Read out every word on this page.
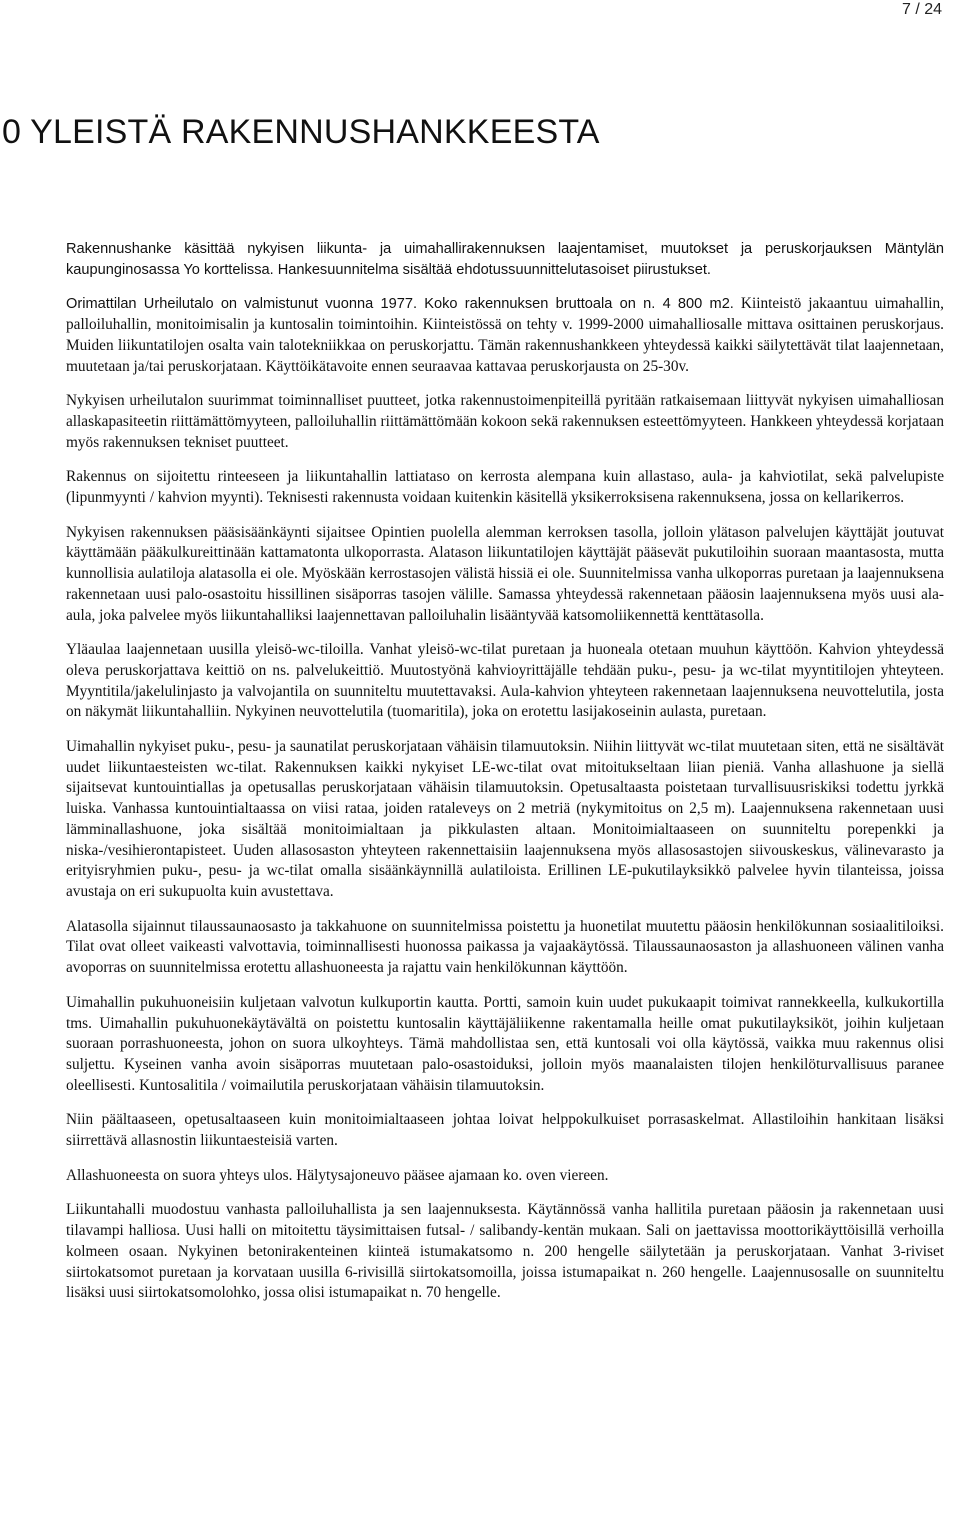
7 / 24
0 YLEISTÄ RAKENNUSHANKKEESTA

Rakennushanke käsittää nykyisen liikunta- ja uimahallirakennuksen laajentamiset, muutokset ja peruskorjauksen Mäntylän kaupunginosassa Yo korttelissa. Hankesuunnitelma sisältää ehdotussuunnittelutasoiset piirustukset.

Orimattilan Urheilutalo on valmistunut vuonna 1977. Koko rakennuksen bruttoala on n. 4 800 m2. Kiinteistö jakaantuu uimahallin, palloiluhallin, monitoimisalin ja kuntosalin toimintoihin. Kiinteistössä on tehty v. 1999-2000 uimahalliosalle mittava osittainen peruskorjaus. Muiden liikuntatilojen osalta vain talotekniikkaa on peruskorjattu. Tämän rakennushankkeen yhteydessä kaikki säilytettävät tilat laajennetaan, muutetaan ja/tai peruskorjataan. Käyttöikätavoite ennen seuraavaa kattavaa peruskorjausta on 25-30v.

Nykyisen urheilutalon suurimmat toiminnalliset puutteet, jotka rakennustoimenpiteillä pyritään ratkaisemaan liittyvät nykyisen uimahalliosan allaskapasiteetin riittämättömyyteen, palloiluhallin riittämättömään kokoon sekä rakennuksen esteettömyyteen. Hankkeen yhteydessä korjataan myös rakennuksen tekniset puutteet.

Rakennus on sijoitettu rinteeseen ja liikuntahallin lattiataso on kerrosta alempana kuin allastaso, aula- ja kahviotilat, sekä palvelupiste (lipunmyynti / kahvion myynti). Teknisesti rakennusta voidaan kuitenkin käsitellä yksikerroksisena rakennuksena, jossa on kellarikerros.

Nykyisen rakennuksen pääsisäänkäynti sijaitsee Opintien puolella alemman kerroksen tasolla, jolloin ylätason palvelujen käyttäjät joutuvat käyttämään pääkulkureittinään kattamatonta ulkoporrasta. Alatason liikuntatilojen käyttäjät pääsevät pukutiloihin suoraan maantasosta, mutta kunnollisia aulatiloja alatasolla ei ole. Myöskään kerrostasojen välistä hissiä ei ole. Suunnitelmissa vanha ulkoporras puretaan ja laajennuksena rakennetaan uusi palo-osastoitu hissillinen sisäporras tasojen välille. Samassa yhteydessä rakennetaan pääosin laajennuksena myös uusi ala-aula, joka palvelee myös liikuntahalliksi laajennettavan palloiluhalin lisääntyvää katsomoliikennettä kenttätasolla.

Yläaulaa laajennetaan uusilla yleisö-wc-tiloilla. Vanhat yleisö-wc-tilat puretaan ja huoneala otetaan muuhun käyttöön. Kahvion yhteydessä oleva peruskorjattava keittiö on ns. palvelukeittiö. Muutostyönä kahvioyrittäjälle tehdään puku-, pesu- ja wc-tilat myyntitilojen yhteyteen. Myyntitila/jakelulinjasto ja valvojantila on suunniteltu muutettavaksi. Aula-kahvion yhteyteen rakennetaan laajennuksena neuvottelutila, josta on näkymät liikuntahalliin. Nykyinen neuvottelutila (tuomaritila), joka on erotettu lasijakoseinin aulasta, puretaan.

Uimahallin nykyiset puku-, pesu- ja saunatilat peruskorjataan vähäisin tilamuutoksin. Niihin liittyvät wc-tilat muutetaan siten, että ne sisältävät uudet liikuntaesteisten wc-tilat. Rakennuksen kaikki nykyiset LE-wc-tilat ovat mitoitukseltaan liian pieniä. Vanha allashuone ja siellä sijaitsevat kuntouintiallas ja opetusallas peruskorjataan vähäisin tilamuutoksin. Opetusaltaasta poistetaan turvallisuusriskiksi todettu jyrkkä luiska. Vanhassa kuntouintialtaassa on viisi rataa, joiden rataleveys on 2 metriä (nykymitoitus on 2,5 m). Laajennuksena rakennetaan uusi lämminallashuone, joka sisältää monitoimialtaan ja pikkulasten altaan. Monitoimialtaaseen on suunniteltu porepenkki ja niska-/vesihierontapisteet. Uuden allasosaston yhteyteen rakennettaisiin laajennuksena myös allasosastojen siivouskeskus, välinevarasto ja erityisryhmien puku-, pesu- ja wc-tilat omalla sisäänkäynnillä aulatiloista. Erillinen LE-pukutilayksikkö palvelee hyvin tilanteissa, joissa avustaja on eri sukupuolta kuin avustettava.

Alatasolla sijainnut tilaussaunaosasto ja takkahuone on suunnitelmissa poistettu ja huonetilat muutettu pääosin henkilökunnan sosiaalitiloiksi. Tilat ovat olleet vaikeasti valvottavia, toiminnallisesti huonossa paikassa ja vajaakäytössä. Tilaussaunaosaston ja allashuoneen välinen vanha avoporras on suunnitelmissa erotettu allashuoneesta ja rajattu vain henkilökunnan käyttöön.

Uimahallin pukuhuoneisiin kuljetaan valvotun kulkuportin kautta. Portti, samoin kuin uudet pukukaapit toimivat rannekkeella, kulkukortilla tms. Uimahallin pukuhuonekäytävältä on poistettu kuntosalin käyttäjäliikenne rakentamalla heille omat pukutilayksiköt, joihin kuljetaan suoraan porrashuoneesta, johon on suora ulkoyhteys. Tämä mahdollistaa sen, että kuntosali voi olla käytössä, vaikka muu rakennus olisi suljettu. Kyseinen vanha avoin sisäporras muutetaan palo-osastoiduksi, jolloin myös maanalaisten tilojen henkilöturvallisuus paranee oleellisesti. Kuntosalitila / voimailutila peruskorjataan vähäisin tilamuutoksin.

Niin päältaaseen, opetusaltaaseen kuin monitoimialtaaseen johtaa loivat helppokulkuiset porrasaskelmat. Allastiloihin hankitaan lisäksi siirrettävä allasnostin liikuntaesteisiä varten.

Allashuoneesta on suora yhteys ulos. Hälytysajoneuvo pääsee ajamaan ko. oven viereen.

Liikuntahalli muodostuu vanhasta palloiluhallista ja sen laajennuksesta. Käytännössä vanha hallitila puretaan pääosin ja rakennetaan uusi tilavampi halliosa. Uusi halli on mitoitettu täysimittaisen futsal- / salibandy-kentän mukaan. Sali on jaettavissa moottorikäyttöisillä verhoilla kolmeen osaan. Nykyinen betonirakenteinen kiinteä istumakatsomo n. 200 hengelle säilytetään ja peruskorjataan. Vanhat 3-riviset siirtokatsomot puretaan ja korvataan uusilla 6-rivisillä siirtokatsomoilla, joissa istumapaikat n. 260 hengelle. Laajennusosalle on suunniteltu lisäksi uusi siirtokatsomolohko, jossa olisi istumapaikat n. 70 hengelle.
